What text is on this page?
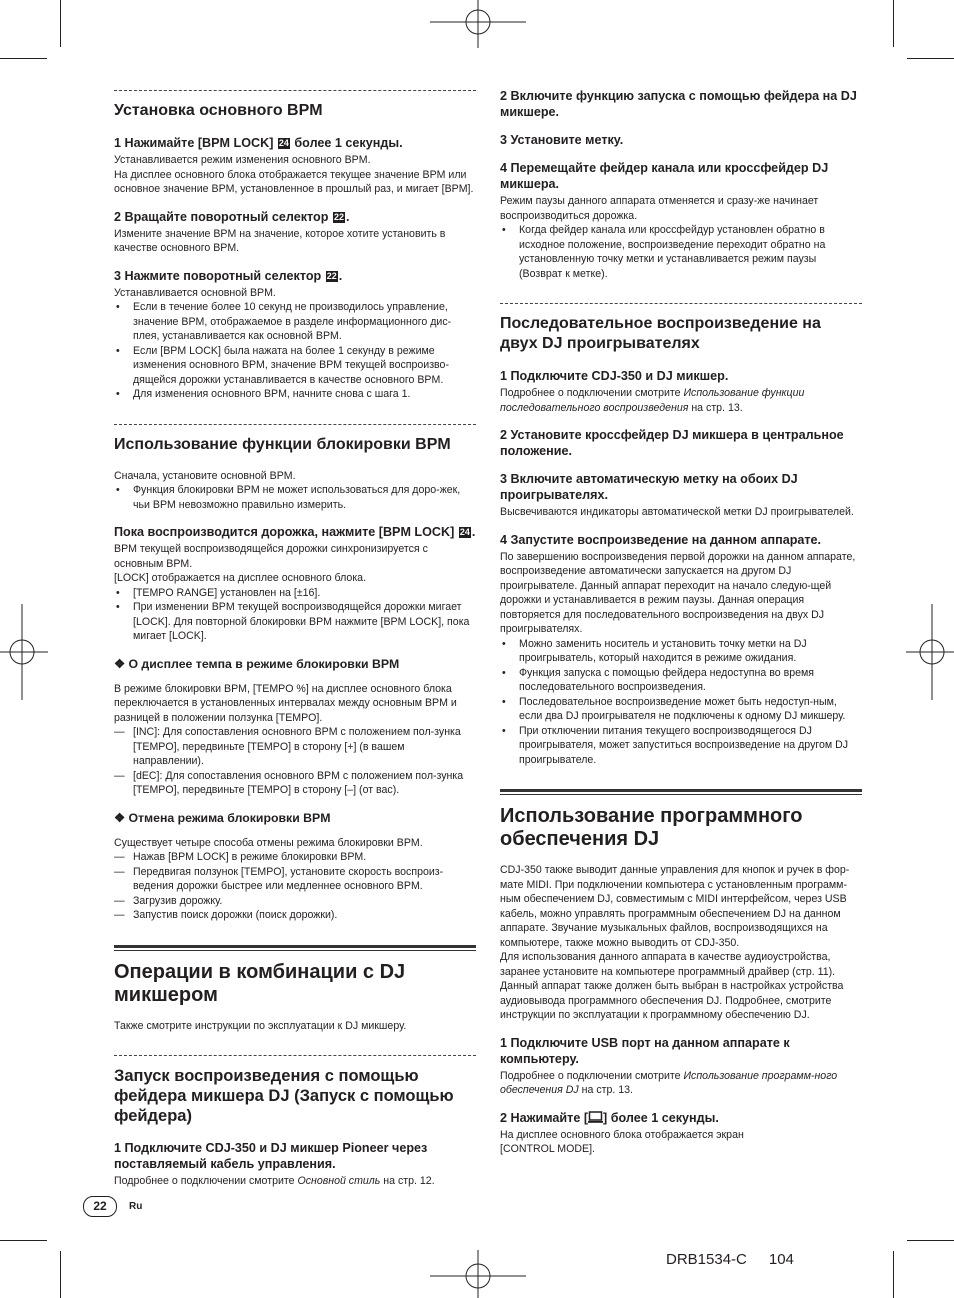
Установка основного BPM
1 Нажимайте [BPM LOCK] 24 более 1 секунды.

Устанавливается режим изменения основного BPM.

На дисплее основного блока отображается текущее значение BPM или основное значение BPM, установленное в прошлый раз, и мигает [BPM].

2 Вращайте поворотный селектор 22 .

Измените значение BPM на значение, которое хотите установить в качестве основного BPM.

3 Нажмите поворотный селектор 22 .

Устанавливается основной BPM.

• Если в течение более 10 секунд не производилось управление, значение BPM, отображаемое в разделе информационного дис-плея, устанавливается как основной BPM.
• Если [BPM LOCK] была нажата на более 1 секунду в режиме изменения основного BPM, значение BPM текущей воспроизво-дящейся дорожки устанавливается в качестве основного BPM.
• Для изменения основного BPM, начните снова с шага 1.
Использование функции блокировки BPM

Сначала, установите основной BPM.

• Функция блокировки BPM не может использоваться для доро-жек, чьи BPM невозможно правильно измерить.
Пока воспроизводится дорожка, нажмите [BPM LOCK] 24 .

BPM текущей воспроизводящейся дорожки синхронизируется с основным BPM.

[LOCK] отображается на дисплее основного блока.

• [TEMPO RANGE] установлен на [±16].
• При изменении BPM текущей воспроизводящейся дорожки мигает [LOCK]. Для повторной блокировки BPM нажмите [BPM LOCK], пока мигает [LOCK].
❖ О дисплее темпа в режиме блокировки BPM

В режиме блокировки BPM, [TEMPO %] на дисплее основного блока переключается в установленных интервалах между основным BPM и разницей в положении ползунка [TEMPO].

— [INC]: Для сопоставления основного BPM с положением пол-зунка [TEMPO], передвиньте [TEMPO] в сторону [+] (в вашем направлении).
— [dEC]: Для сопоставления основного BPM с положением пол-зунка [TEMPO], передвиньте [TEMPO] в сторону [–] (от вас).
❖ Отмена режима блокировки BPM

Существует четыре способа отмены режима блокировки BPM.

— Нажав [BPM LOCK] в режиме блокировки BPM.
— Передвигая ползунок [TEMPO], установите скорость воспроиз-ведения дорожки быстрее или медленнее основного BPM.
— Загрузив дорожку.
— Запустив поиск дорожки (поиск дорожки).
Операции в комбинации с DJ микшером

Также смотрите инструкции по эксплуатации к DJ микшеру.

Запуск воспроизведения с помощью фейдера микшера DJ (Запуск с помощью фейдера)
1 Подключите CDJ-350 и DJ микшер Pioneer через поставляемый кабель управления.

Подробнее о подключении смотрите Основной стиль на стр. 12.

2 Включите функцию запуска с помощью фейдера на DJ микшере.
3 Установите метку.
4 Перемещайте фейдер канала или кроссфейдер DJ микшера.

Режим паузы данного аппарата отменяется и сразу-же начинает воспроизводиться дорожка.

• Когда фейдер канала или кроссфейдур установлен обратно в исходное положение, воспроизведение переходит обратно на установленную точку метки и устанавливается режим паузы (Возврат к метке).
Последовательное воспроизведение на двух DJ проигрывателях
1 Подключите CDJ-350 и DJ микшер.

Подробнее о подключении смотрите Использование функции последовательного воспроизведения на стр. 13.

2 Установите кроссфейдер DJ микшера в центральное положение.
3 Включите автоматическую метку на обоих DJ проигрывателях.

Высвечиваются индикаторы автоматической метки DJ проигрывателей.

4 Запустите воспроизведение на данном аппарате.

По завершению воспроизведения первой дорожки на данном аппарате, воспроизведение автоматически запускается на другом DJ проигрывателе. Данный аппарат переходит на начало следую-щей дорожки и устанавливается в режим паузы. Данная операция повторяется для последовательного воспроизведения на двух DJ проигрывателях.

• Можно заменить носитель и установить точку метки на DJ проигрыватель, который находится в режиме ожидания.
• Функция запуска с помощью фейдера недоступна во время последовательного воспроизведения.
• Последовательное воспроизведение может быть недоступ-ным, если два DJ проигрывателя не подключены к одному DJ микшеру.
• При отключении питания текущего воспроизводящегося DJ проигрывателя, может запуститься воспроизведение на другом DJ проигрывателе.
Использование программного обеспечения DJ

CDJ-350 также выводит данные управления для кнопок и ручек в фор-мате MIDI. При подключении компьютера с установленным программ-ным обеспечением DJ, совместимым с MIDI интерфейсом, через USB кабель, можно управлять программным обеспечением DJ на данном аппарате. Звучание музыкальных файлов, воспроизводящихся на компьютере, также можно выводить от CDJ-350.

Для использования данного аппарата в качестве аудиоустройства, заранее установите на компьютере программный драйвер (стр. 11). Данный аппарат также должен быть выбран в настройках устройства аудиовывода программного обеспечения DJ. Подробнее, смотрите инструкции по эксплуатации к программному обеспечению DJ.

1 Подключите USB порт на данном аппарате к компьютеру.

Подробнее о подключении смотрите Использование программ-ного обеспечения DJ на стр. 13.

2 Нажимайте [ ] более 1 секунды.

На дисплее основного блока отображается экран

[CONTROL MODE].

22	Ru
DRB1534-C 104
